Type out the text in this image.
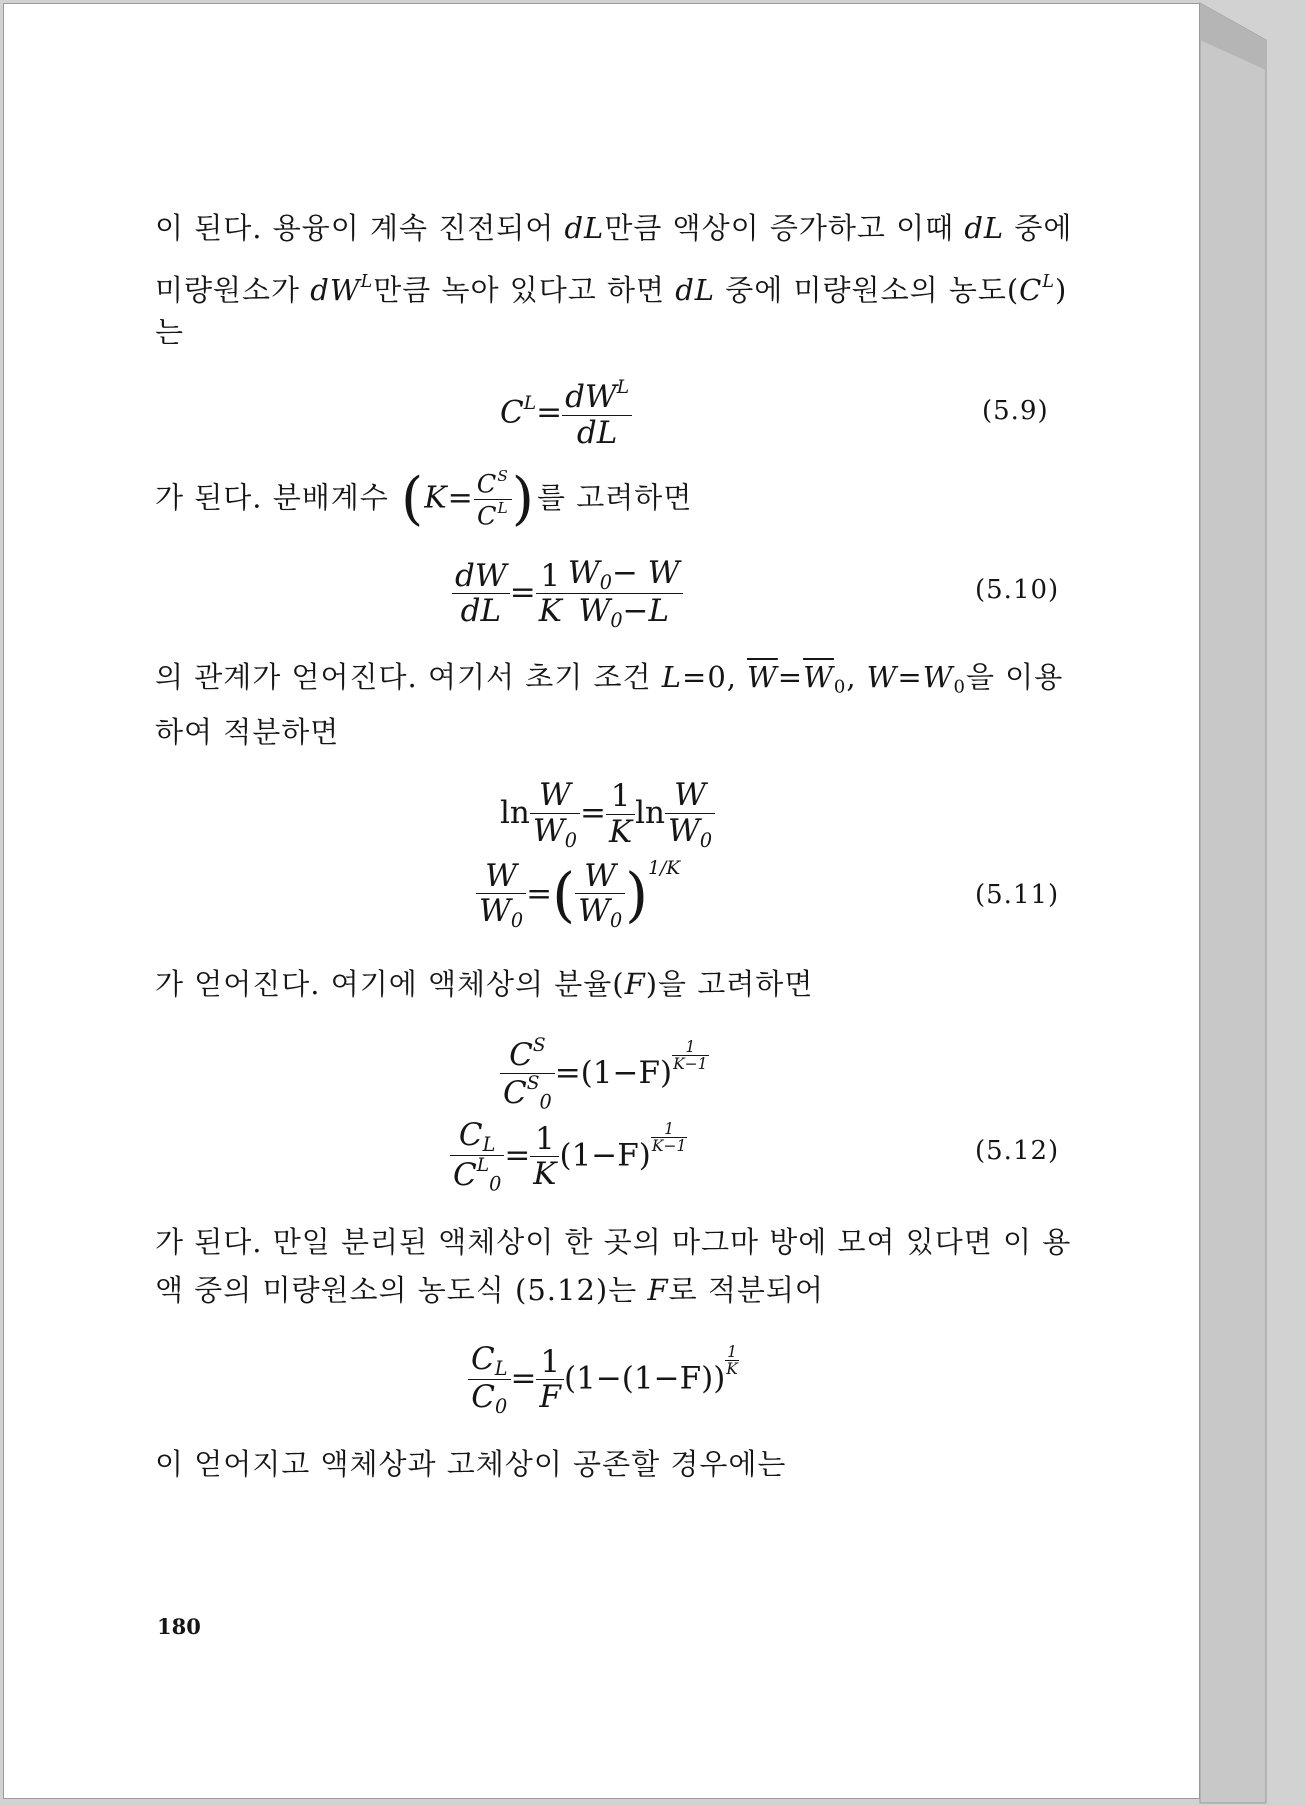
이 된다. 용융이 계속 진전되어 dL만큼 액상이 증가하고 이때 dL 중에
미량원소가 $dW^L$만큼 녹아 있다고 하면 dL 중에 미량원소의 농도$(C^L)$
는
$C^L= \frac{dW^L}{dL}$	(5.9)
가 된다. 분배계수 ($K= \frac{C^S}{C^L}$ )를 고려하면
$\frac{dW}{dL} = \frac{1}{K} \frac{W_0- W}{W_0-L}$	(5.10)
의 관계가 얻어진다. 여기서 초기 조건 L=0, $\overline{W}=\overline{W}_0$, $W=W_0$을 이용
하여 적분하면
$\ln \frac{W}{W_0} = \frac{1}{K}$ $\ln \frac{W}{W_0}$
$\frac{W}{W_0}$ =( $\frac{W}{W_0} )^{1/K}$
(5.11)
가 얻어진다. 여기에 액체상의 분율(F)을 고려하면
$\frac{C^S}{C^S_0} =(1-F) \frac{1}{K-1}$
$\frac{C_L}{C^L_0} = \frac{1}{K} (1-F) \frac{1}{K-1}$	(5.12)
가 된다. 만일 분리된 액체상이 한 곳의 마그마 방에 모여 있다면 이 용
액 중의 미량원소의 농도식 (5.12)는 F로 적분되어
$\frac{C_L}{C_0} = \frac{1}{F} (1-(1-F)) \frac{1}{K}$
이 얻어지고 액체상과 고체상이 공존할 경우에는
180
